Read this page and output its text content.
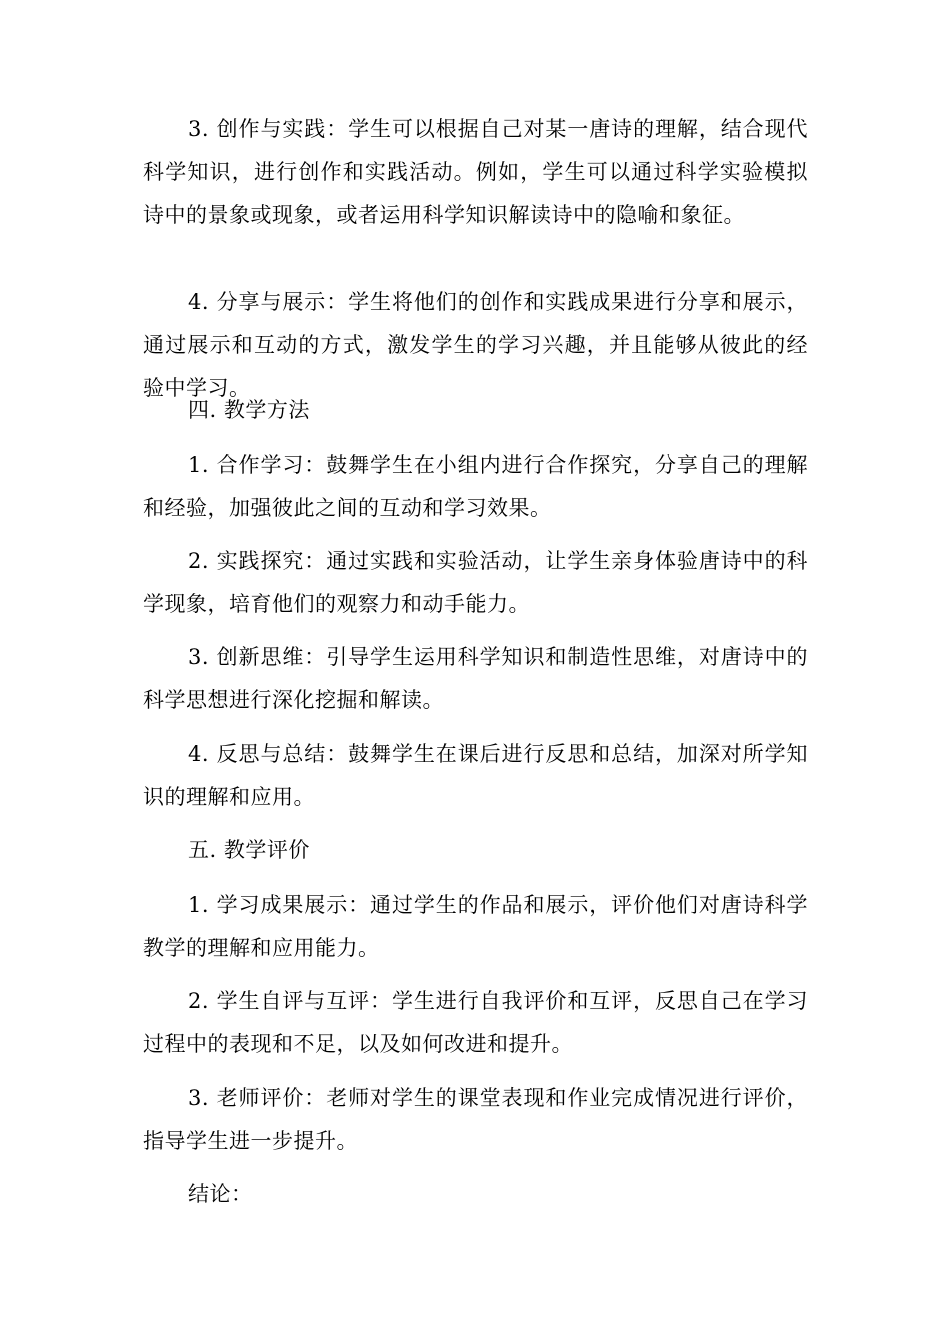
3. 创作与实践：学生可以根据自己对某一唐诗的理解，结合现代科学知识，进行创作和实践活动。例如，学生可以通过科学实验模拟诗中的景象或现象，或者运用科学知识解读诗中的隐喻和象征。

4. 分享与展示：学生将他们的创作和实践成果进行分享和展示，通过展示和互动的方式，激发学生的学习兴趣，并且能够从彼此的经验中学习。

四. 教学方法

1. 合作学习：鼓舞学生在小组内进行合作探究，分享自己的理解和经验，加强彼此之间的互动和学习效果。

2. 实践探究：通过实践和实验活动，让学生亲身体验唐诗中的科学现象，培育他们的观察力和动手能力。

3. 创新思维：引导学生运用科学知识和制造性思维，对唐诗中的科学思想进行深化挖掘和解读。

4. 反思与总结：鼓舞学生在课后进行反思和总结，加深对所学知识的理解和应用。

五. 教学评价

1. 学习成果展示：通过学生的作品和展示，评价他们对唐诗科学教学的理解和应用能力。

2. 学生自评与互评：学生进行自我评价和互评，反思自己在学习过程中的表现和不足，以及如何改进和提升。

3. 老师评价：老师对学生的课堂表现和作业完成情况进行评价，指导学生进一步提升。

结论：
